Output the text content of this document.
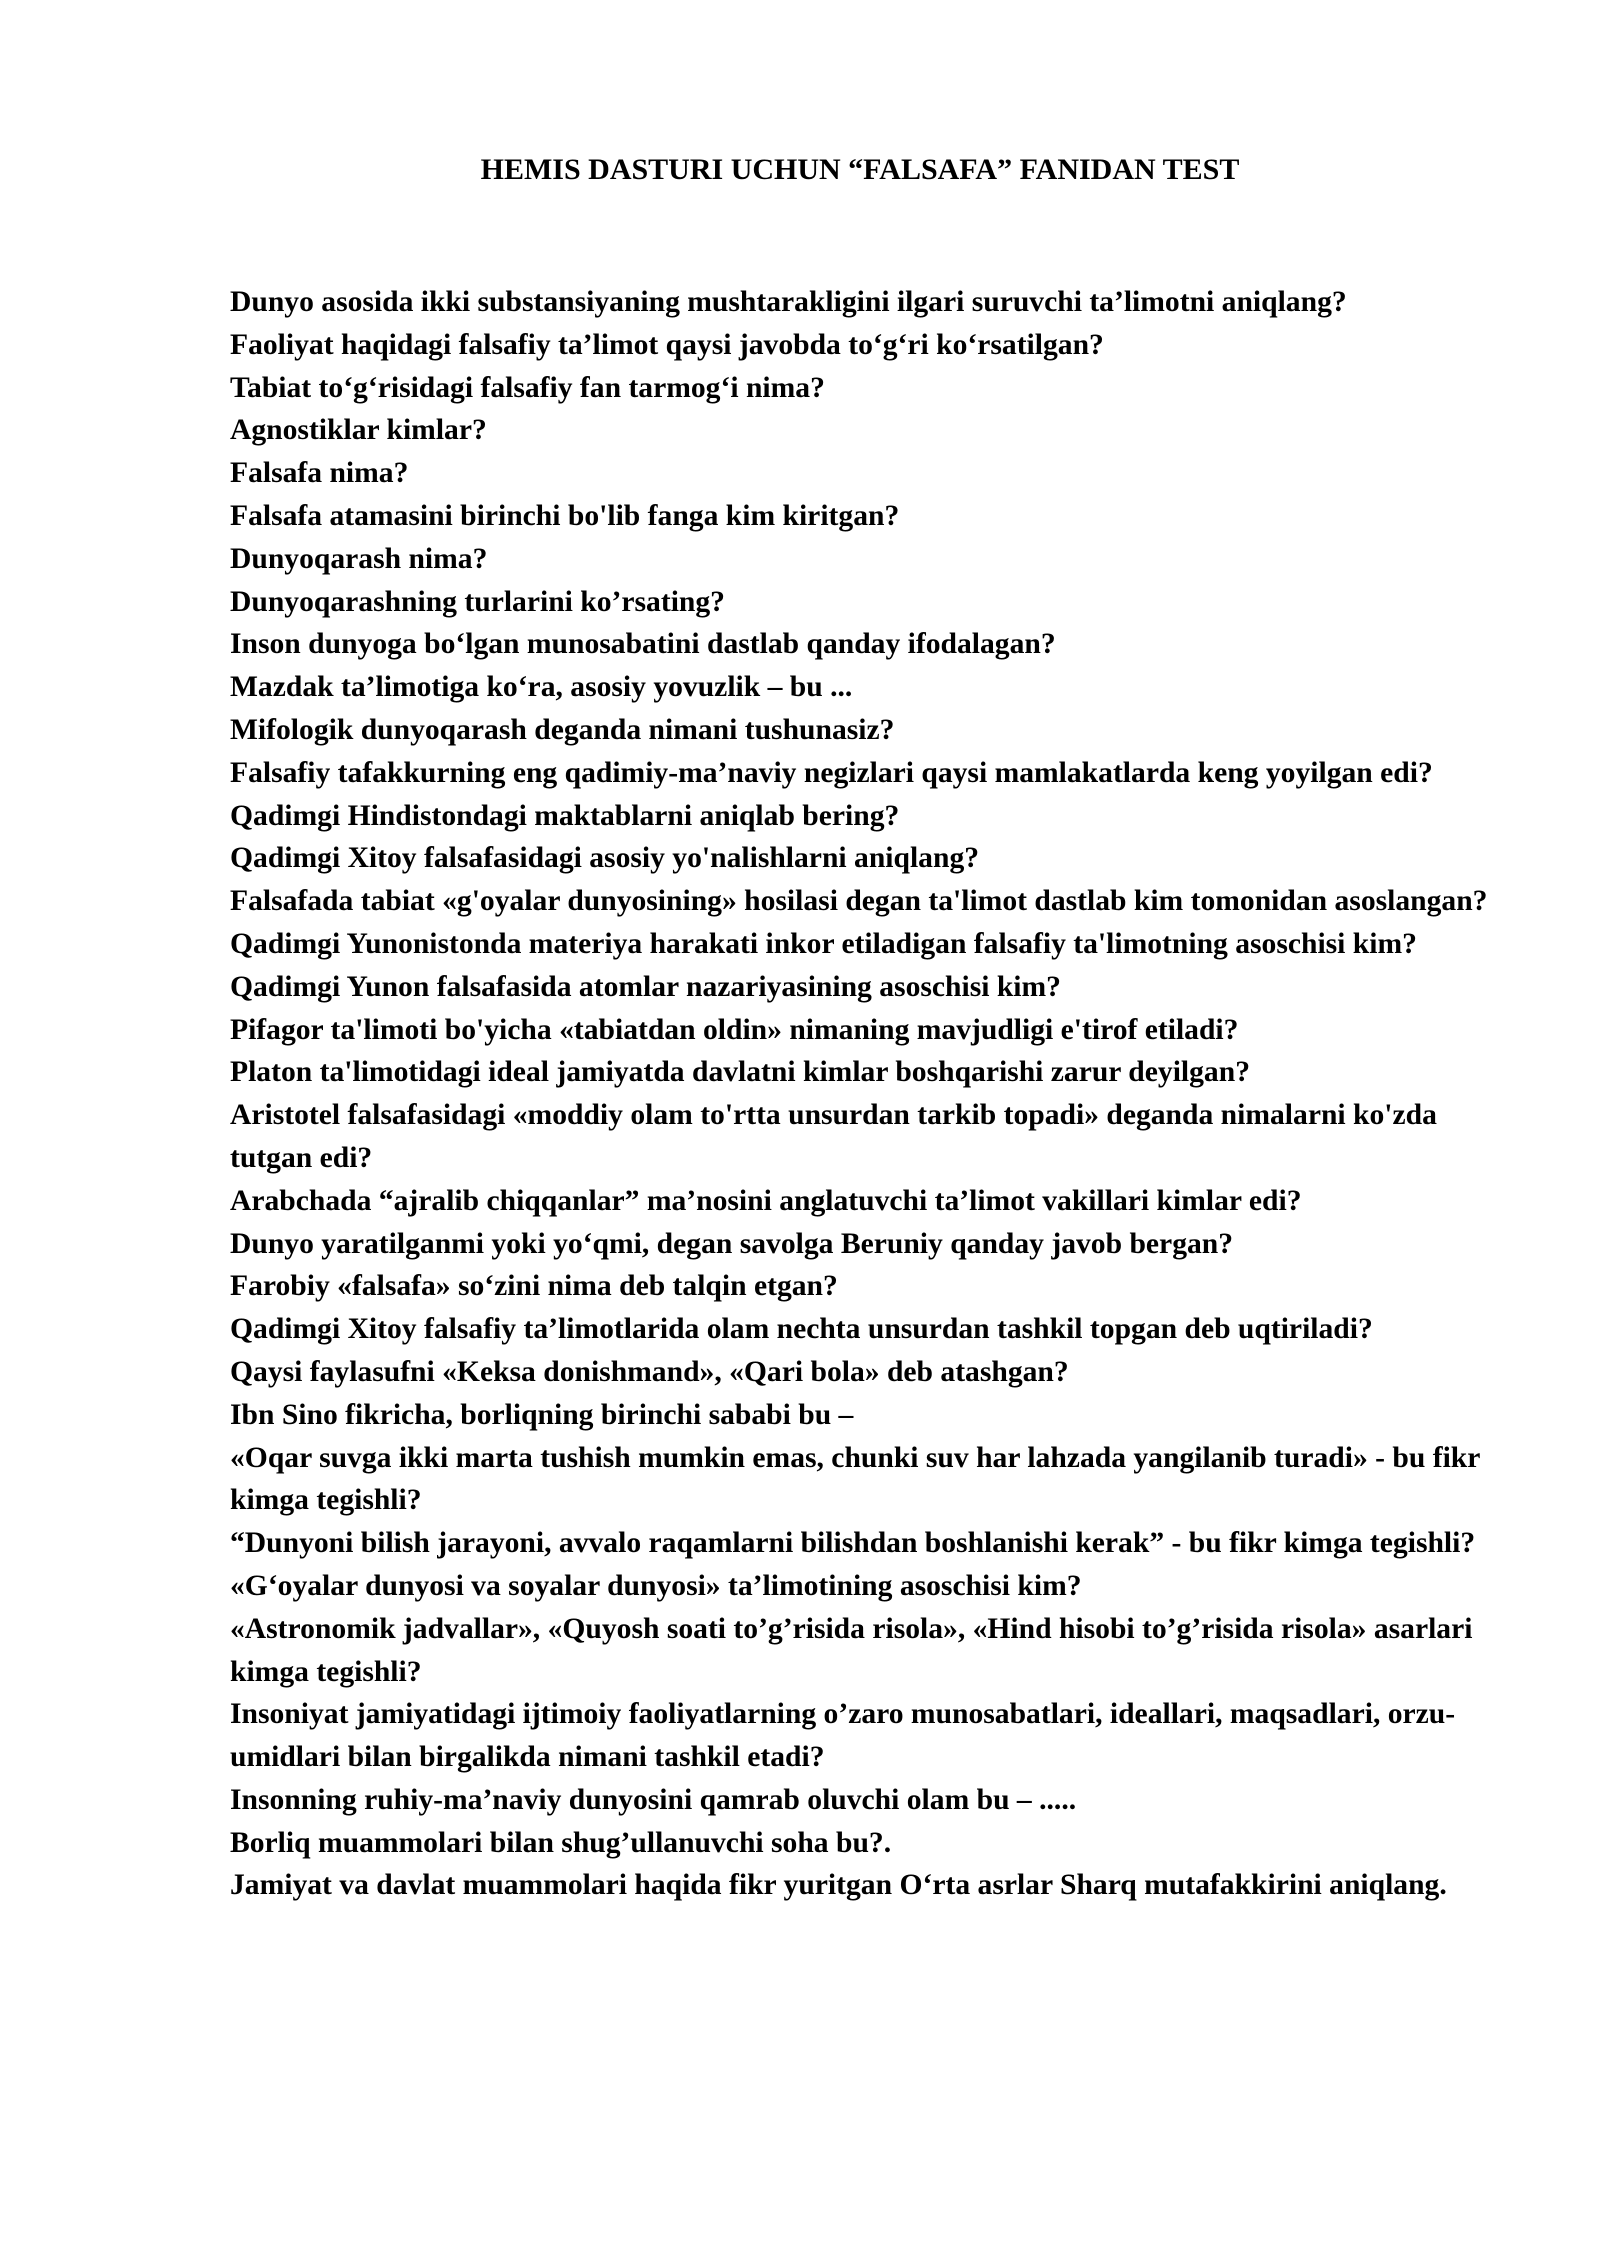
HEMIS DASTURI UCHUN “FALSAFA” FANIDAN TEST
Dunyo asosida ikki substansiyaning mushtarakligini ilgari suruvchi ta’limotni aniqlang?
Faoliyat haqidagi falsafiy ta’limot qaysi javobda to‘g‘ri ko‘rsatilgan?
Tabiat to‘g‘risidagi falsafiy fan tarmog‘i nima?
Agnostiklar kimlar?
Falsafa nima?
Falsafa atamasini birinchi bo'lib fanga kim kiritgan?
Dunyoqarash nima?
Dunyoqarashning turlarini ko’rsating?
Inson dunyoga bo‘lgan munosabatini dastlab qanday ifodalagan?
Mazdak ta’limotiga ko‘ra, asosiy yovuzlik – bu ...
Mifologik dunyoqarash deganda nimani tushunasiz?
Falsafiy tafakkurning eng qadimiy-ma’naviy negizlari qaysi mamlakatlarda keng yoyilgan edi?
Qadimgi Hindistondagi maktablarni aniqlab bering?
Qadimgi Xitoy falsafasidagi asosiy yo'nalishlarni aniqlang?
Falsafada tabiat «g'oyalar dunyosining» hosilasi degan ta'limot dastlab kim tomonidan asoslangan?
Qadimgi Yunonistonda materiya harakati inkor etiladigan falsafiy ta'limotning asoschisi kim?
Qadimgi Yunon falsafasida atomlar nazariyasining asoschisi kim?
Pifagor ta'limoti bo'yicha «tabiatdan oldin» nimaning mavjudligi e'tirof etiladi?
Platon ta'limotidagi ideal jamiyatda davlatni kimlar boshqarishi zarur deyilgan?
Aristotel falsafasidagi «moddiy olam to'rtta unsurdan tarkib topadi» deganda nimalarni ko'zda tutgan edi?
Arabchada “ajralib chiqqanlar” ma’nosini anglatuvchi ta’limot vakillari kimlar edi?
Dunyo yaratilganmi yoki yo‘qmi, degan savolga Beruniy qanday javob bergan?
Farobiy «falsafa» so‘zini nima deb talqin etgan?
Qadimgi Xitoy falsafiy ta’limotlarida olam nechta unsurdan tashkil topgan deb uqtiriladi?
Qaysi faylasufni «Keksa donishmand», «Qari bola» deb atashgan?
Ibn Sino fikricha, borliqning birinchi sababi bu –
«Oqar suvga ikki marta tushish mumkin emas, chunki suv har lahzada yangilanib turadi» - bu fikr kimga tegishli?
“Dunyoni bilish jarayoni, avvalo raqamlarni bilishdan boshlanishi kerak” - bu fikr kimga tegishli?
«G‘oyalar dunyosi va soyalar dunyosi» ta’limotining asoschisi kim?
«Astronomik jadvallar», «Quyosh soati to’g’risida risola», «Hind hisobi to’g’risida risola» asarlari kimga tegishli?
Insoniyat jamiyatidagi ijtimoiy faoliyatlarning o’zaro munosabatlari, ideallari, maqsadlari, orzu-umidlari bilan birgalikda nimani tashkil etadi?
Insonning ruhiy-ma’naviy dunyosini qamrab oluvchi olam bu – .....
Borliq muammolari bilan shug’ullanuvchi soha bu?.
Jamiyat va davlat muammolari haqida fikr yuritgan O‘rta asrlar Sharq mutafakkirini aniqlang.
